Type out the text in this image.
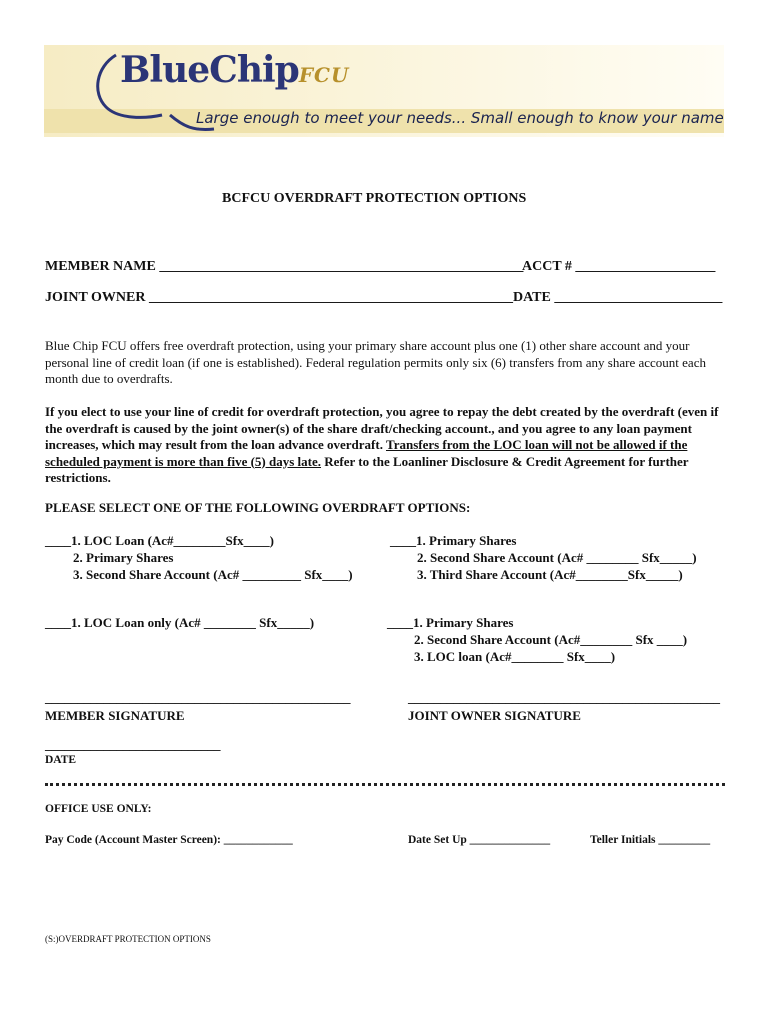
BlueChipFCU
Large enough to meet your needs... Small enough to know your name
BCFCU OVERDRAFT PROTECTION OPTIONS
MEMBER NAME ____________________________________________________
ACCT # ____________________
JOINT OWNER ____________________________________________________DATE ________________________
Blue Chip FCU offers free overdraft protection, using your primary share account plus one (1) other share account and your personal line of credit loan (if one is established). Federal regulation permits only six (6) transfers from any share account each month due to overdrafts.
If you elect to use your line of credit for overdraft protection, you agree to repay the debt created by the overdraft (even if the overdraft is caused by the joint owner(s) of the share draft/checking account., and you agree to any loan payment increases, which may result from the loan advance overdraft. Transfers from the LOC loan will not be allowed if the scheduled payment is more than five (5) days late. Refer to the Loanliner Disclosure & Credit Agreement for further restrictions.
PLEASE SELECT ONE OF THE FOLLOWING OVERDRAFT OPTIONS:
____1. LOC Loan (Ac#________Sfx____)
2. Primary Shares
3. Second Share Account (Ac# _________ Sfx____)
____1. Primary Shares
2. Second Share Account (Ac# ________ Sfx_____)
3. Third Share Account (Ac#________Sfx_____)
____1. LOC Loan only (Ac# ________ Sfx_____)	____1. Primary Shares
2. Second Share Account (Ac#________ Sfx ____)
3. LOC loan (Ac#________ Sfx____)
_______________________________________________	________________________________________________
MEMBER SIGNATURE	JOINT OWNER SIGNATURE
___________________________
DATE
OFFICE USE ONLY:
Pay Code (Account Master Screen): ____________	Date Set Up ______________	Teller Initials _________
(S:)OVERDRAFT PROTECTION OPTIONS
